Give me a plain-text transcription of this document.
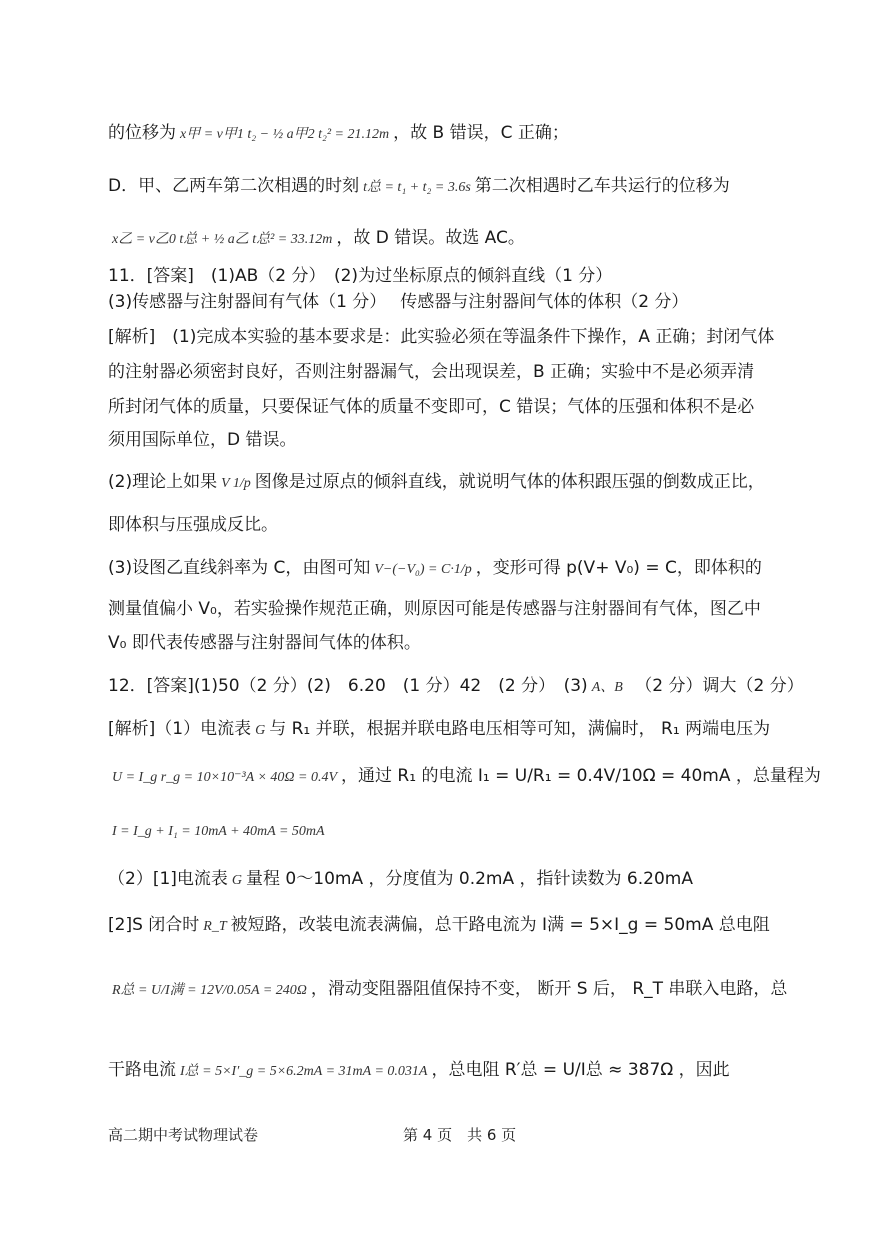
的位移为 x甲 = v甲1 t₂ − ½ a甲2 t₂² = 21.12m ，故 B 错误，C 正确；
D．甲、乙两车第二次相遇的时刻 t总 = t₁ + t₂ = 3.6s 第二次相遇时乙车共运行的位移为
x乙 = v乙0 t总 + ½ a乙 t总² = 33.12m ，故 D 错误。故选 AC。
11．[答案]　(1)AB（2 分）　(2)为过坐标原点的倾斜直线（1 分）
(3)传感器与注射器间有气体（1 分）　 传感器与注射器间气体的体积（2 分）
[解析]　(1)完成本实验的基本要求是：此实验必须在等温条件下操作，A 正确；封闭气体
的注射器必须密封良好，否则注射器漏气，会出现误差，B 正确；实验中不是必须弄清
所封闭气体的质量，只要保证气体的质量不变即可，C 错误；气体的压强和体积不是必
须用国际单位，D 错误。
(2)理论上如果 V 1/p 图像是过原点的倾斜直线，就说明气体的体积跟压强的倒数成正比，
即体积与压强成反比。
(3)设图乙直线斜率为 C，由图可知 V−(−V₀) = C·1/p ，变形可得 p(V+ V₀) = C，即体积的
测量值偏小 V₀，若实验操作规范正确，则原因可能是传感器与注射器间有气体，图乙中
V₀ 即代表传感器与注射器间气体的体积。
12．[答案](1)50（2 分）(2)　6.20　(1 分）42　(2 分）　(3) A、B　（2 分）调大（2 分）
[解析]（1）电流表 G 与 R₁ 并联，根据并联电路电压相等可知，满偏时， R₁ 两端电压为
U = I_g r_g = 10×10⁻³A × 40Ω = 0.4V ，通过 R₁ 的电流 I₁ = U/R₁ = 0.4V/10Ω = 40mA ，总量程为
I = I_g + I₁ = 10mA + 40mA = 50mA
（2）[1]电流表 G 量程 0～10mA ，分度值为 0.2mA ，指针读数为 6.20mA
[2]S 闭合时 R_T 被短路，改装电流表满偏，总干路电流为 I满 = 5×I_g = 50mA 总电阻
R总 = U/I满 = 12V/0.05A = 240Ω ，滑动变阻器阻值保持不变， 断开 S 后， R_T 串联入电路，总
干路电流 I总 = 5×I′_g = 5×6.2mA = 31mA = 0.031A ，总电阻 R′总 = U/I总 ≈ 387Ω ，因此
高二期中考试物理试卷	第 4 页　共 6 页
